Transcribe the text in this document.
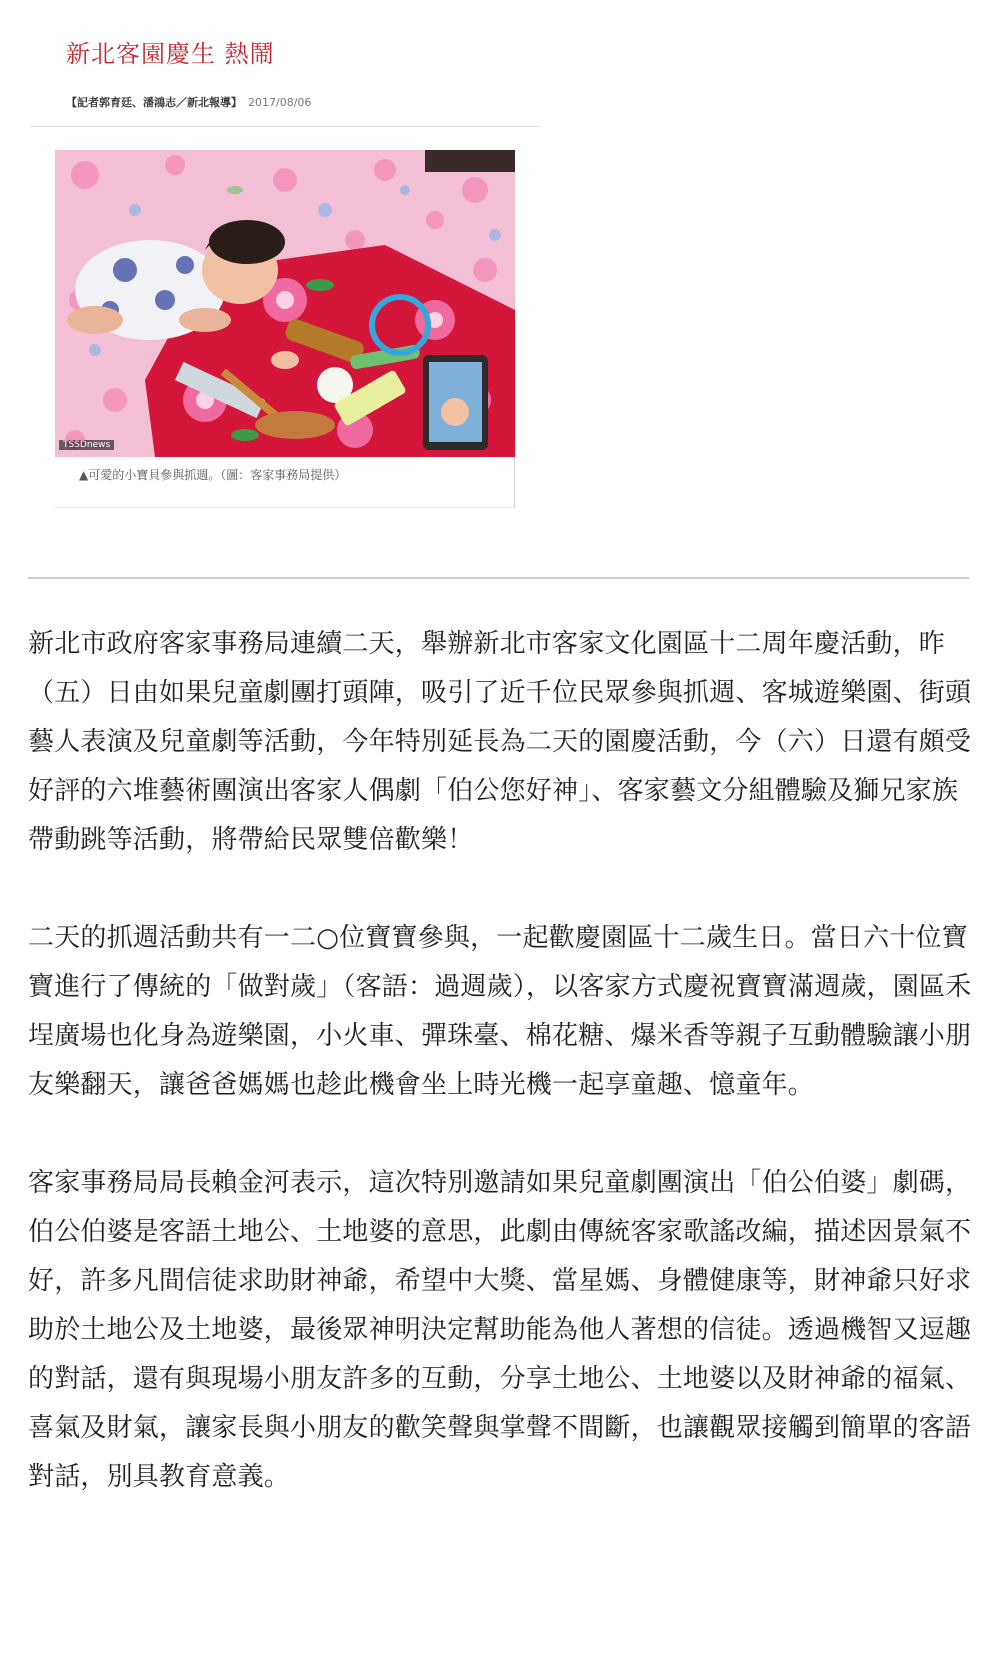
新北客園慶生 熱鬧
【記者郭育廷、潘鴻志／新北報導】 2017/08/06
TSSDnews
▲可愛的小寶貝參與抓週。（圖：客家事務局提供）

新北市政府客家事務局連續二天，舉辦新北市客家文化園區十二周年慶活動，昨（五）日由如果兒童劇團打頭陣，吸引了近千位民眾參與抓週、客城遊樂園、街頭藝人表演及兒童劇等活動，今年特別延長為二天的園慶活動，今（六）日還有頗受好評的六堆藝術團演出客家人偶劇「伯公您好神」、客家藝文分組體驗及獅兄家族帶動跳等活動，將帶給民眾雙倍歡樂！

二天的抓週活動共有一二○位寶寶參與，一起歡慶園區十二歲生日。當日六十位寶寶進行了傳統的「做對歲」（客語：過週歲），以客家方式慶祝寶寶滿週歲，園區禾埕廣場也化身為遊樂園，小火車、彈珠臺、棉花糖、爆米香等親子互動體驗讓小朋友樂翻天，讓爸爸媽媽也趁此機會坐上時光機一起享童趣、憶童年。

客家事務局局長賴金河表示，這次特別邀請如果兒童劇團演出「伯公伯婆」劇碼，伯公伯婆是客語土地公、土地婆的意思，此劇由傳統客家歌謠改編，描述因景氣不好，許多凡間信徒求助財神爺，希望中大獎、當星媽、身體健康等，財神爺只好求助於土地公及土地婆，最後眾神明決定幫助能為他人著想的信徒。透過機智又逗趣的對話，還有與現場小朋友許多的互動，分享土地公、土地婆以及財神爺的福氣、喜氣及財氣，讓家長與小朋友的歡笑聲與掌聲不間斷，也讓觀眾接觸到簡單的客語對話，別具教育意義。
